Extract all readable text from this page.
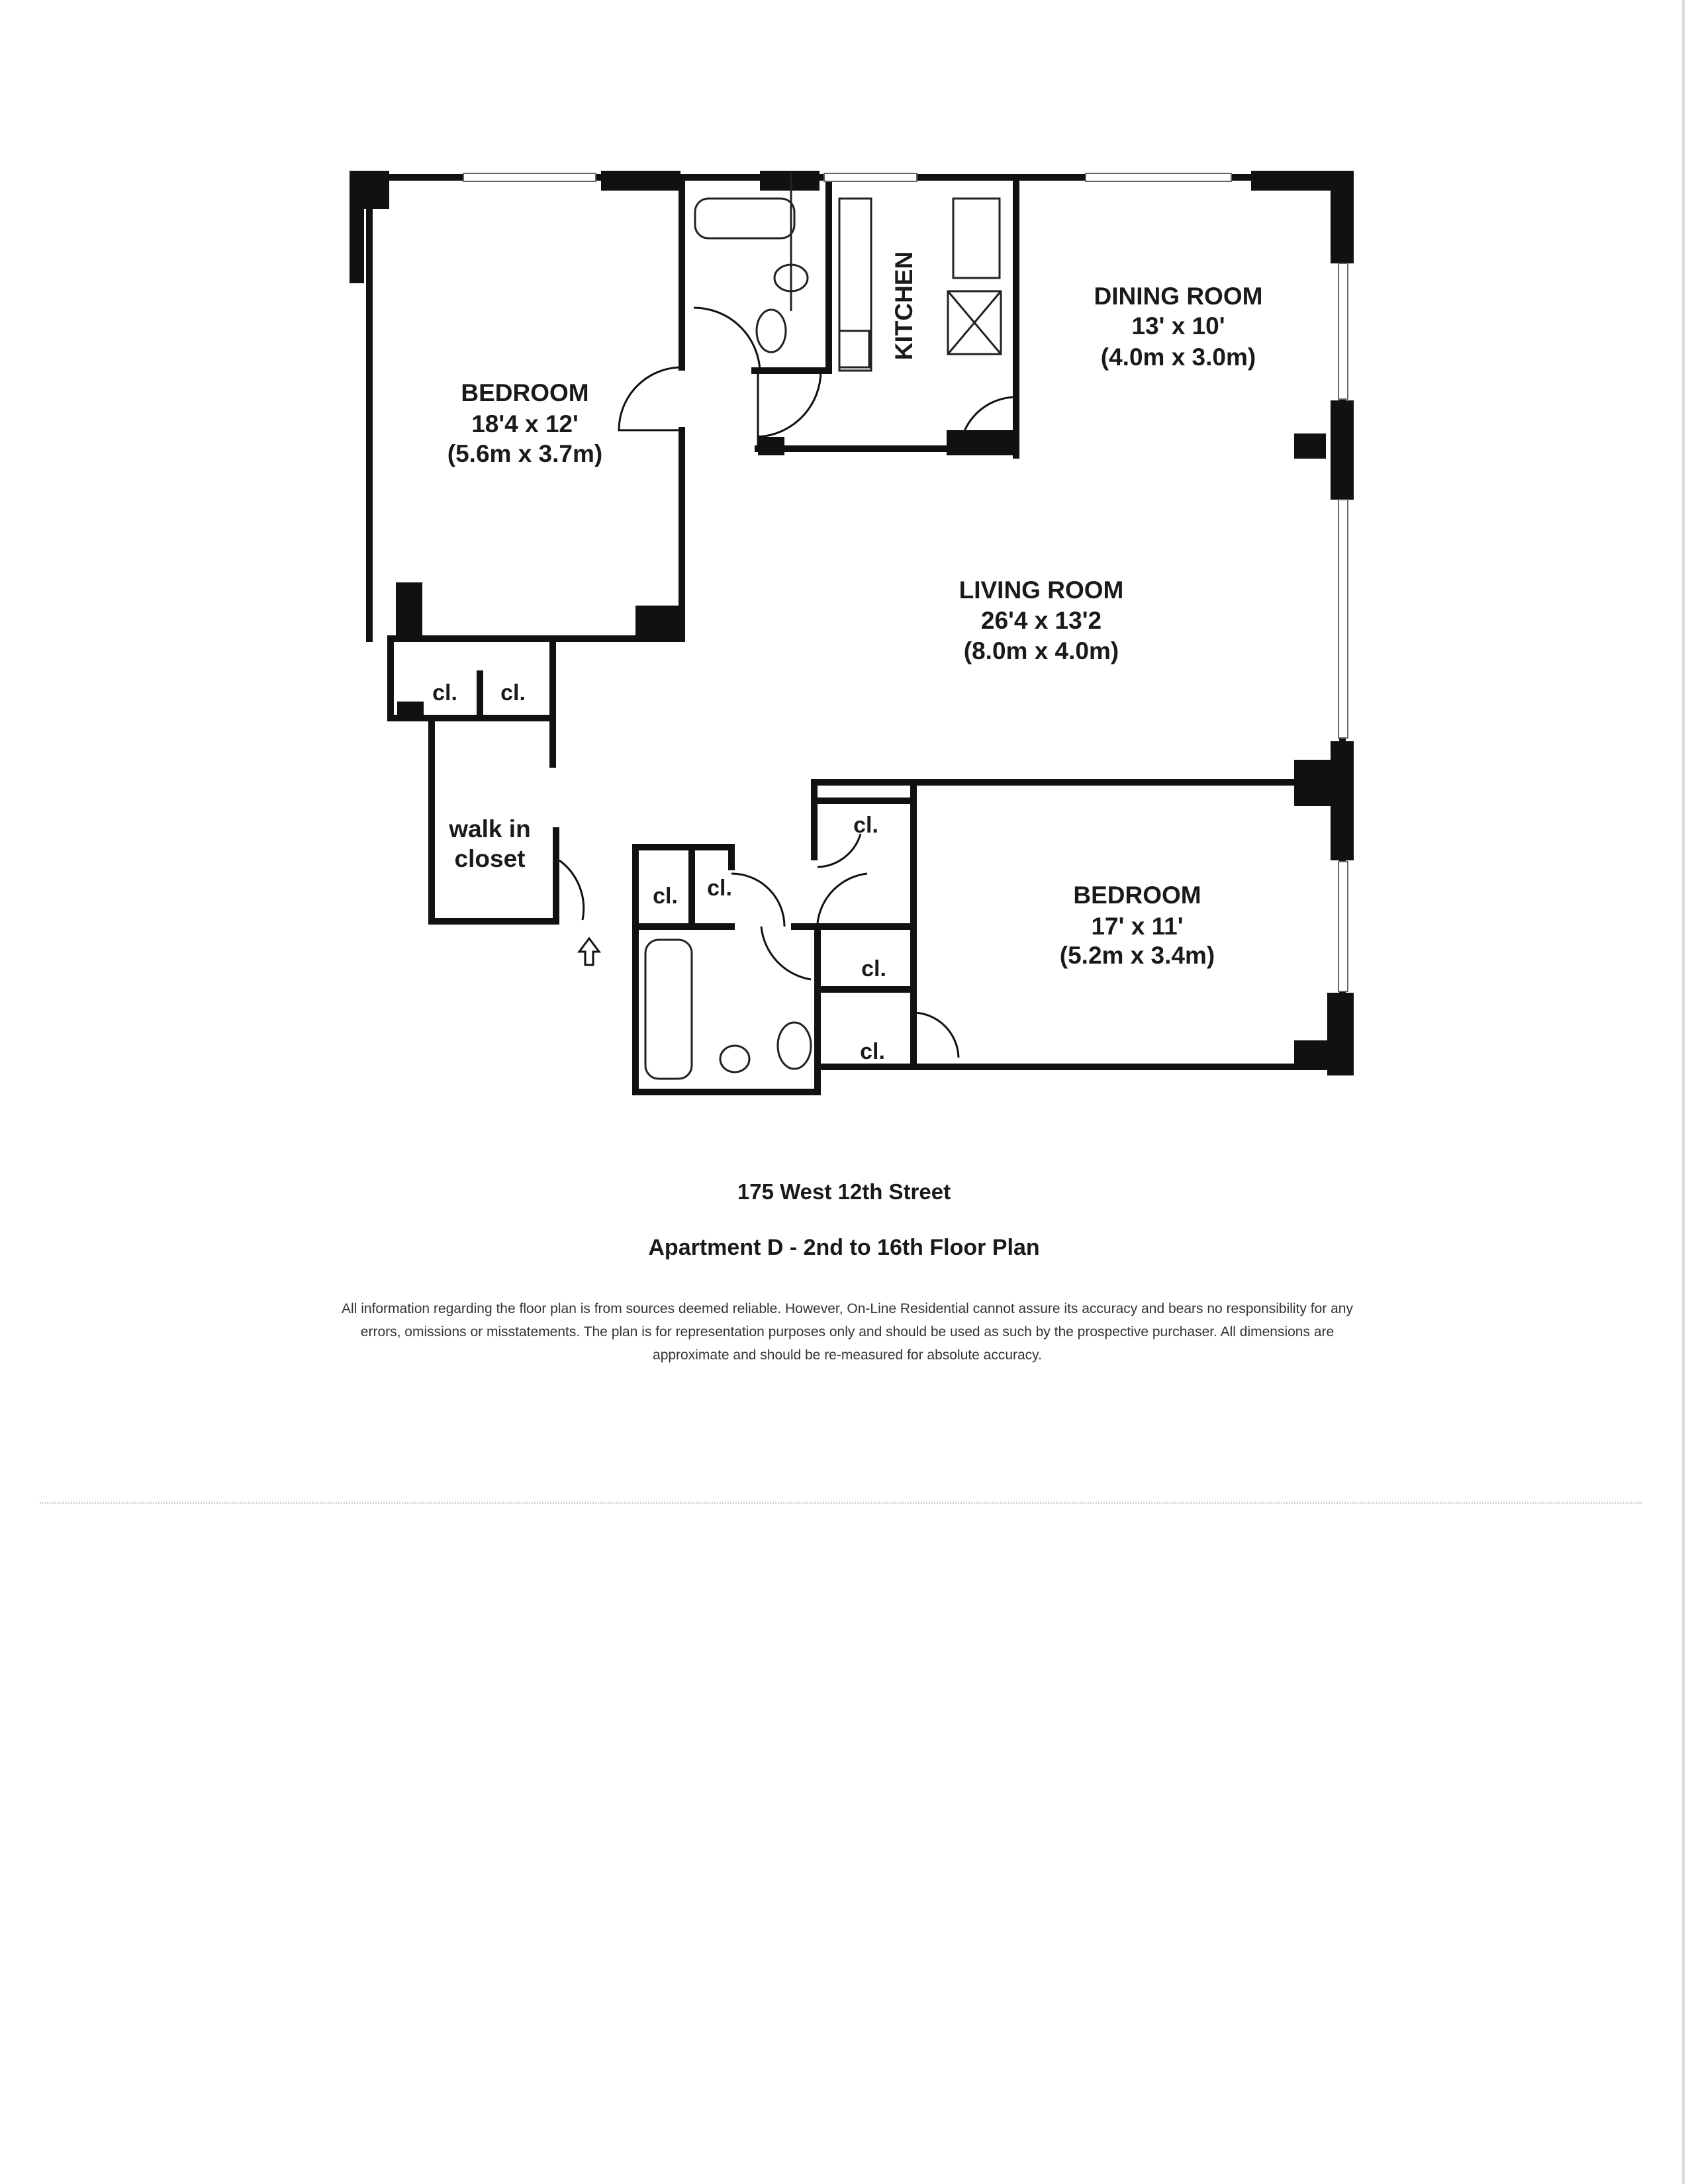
BEDROOM
18'4 x 12'
(5.6m x 3.7m)
KITCHEN	DINING ROOM
13' x 10'
(4.0m x 3.0m)
LIVING ROOM
26'4 x 13'2
(8.0m x 4.0m)
BEDROOM
17' x 11'
(5.2m x 3.4m)
walk in
closet
cl. cl.
cl. cl.
cl.
cl.
cl.
175 West 12th Street
Apartment D - 2nd to 16th Floor Plan
All information regarding the floor plan is from sources deemed reliable. However, On-Line Residential cannot assure its accuracy and bears no responsibility for any errors, omissions or misstatements. The plan is for representation purposes only and should be used as such by the prospective purchaser. All dimensions are approximate and should be re-measured for absolute accuracy.
